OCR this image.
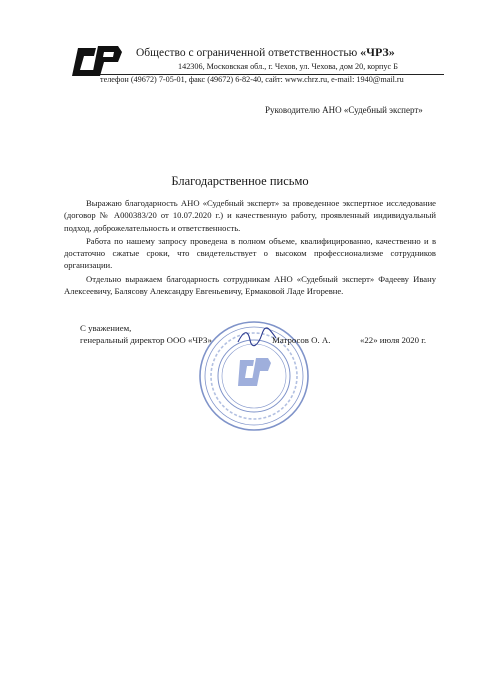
Общество с ограниченной ответственностью «ЧРЗ»
142306, Московская обл., г. Чехов, ул. Чехова, дом 20, корпус Б
телефон (49672) 7-05-01, факс (49672) 6-82-40, сайт: www.chrz.ru, e-mail: 1940@mail.ru
Руководителю АНО «Судебный эксперт»
Благодарственное письмо

Выражаю благодарность АНО «Судебный эксперт» за проведенное экспертное исследование (договор № А000383/20 от 10.07.2020 г.) и качественную работу, проявленный индивидуальный подход, доброжелательность и ответственность.

Работа по нашему запросу проведена в полном объеме, квалифицированно, качественно и в достаточно сжатые сроки, что свидетельствует о высоком профессионализме сотрудников организации.

Отдельно выражаем благодарность сотрудникам АНО «Судебный эксперт» Фадееву Ивану Алексеевичу, Балясову Александру Евгеньевичу, Ермаковой Ладе Игоревне.

С уважением,
генеральный директор ООО «ЧРЗ»	Матросов О. А.	«22» июля 2020 г.
